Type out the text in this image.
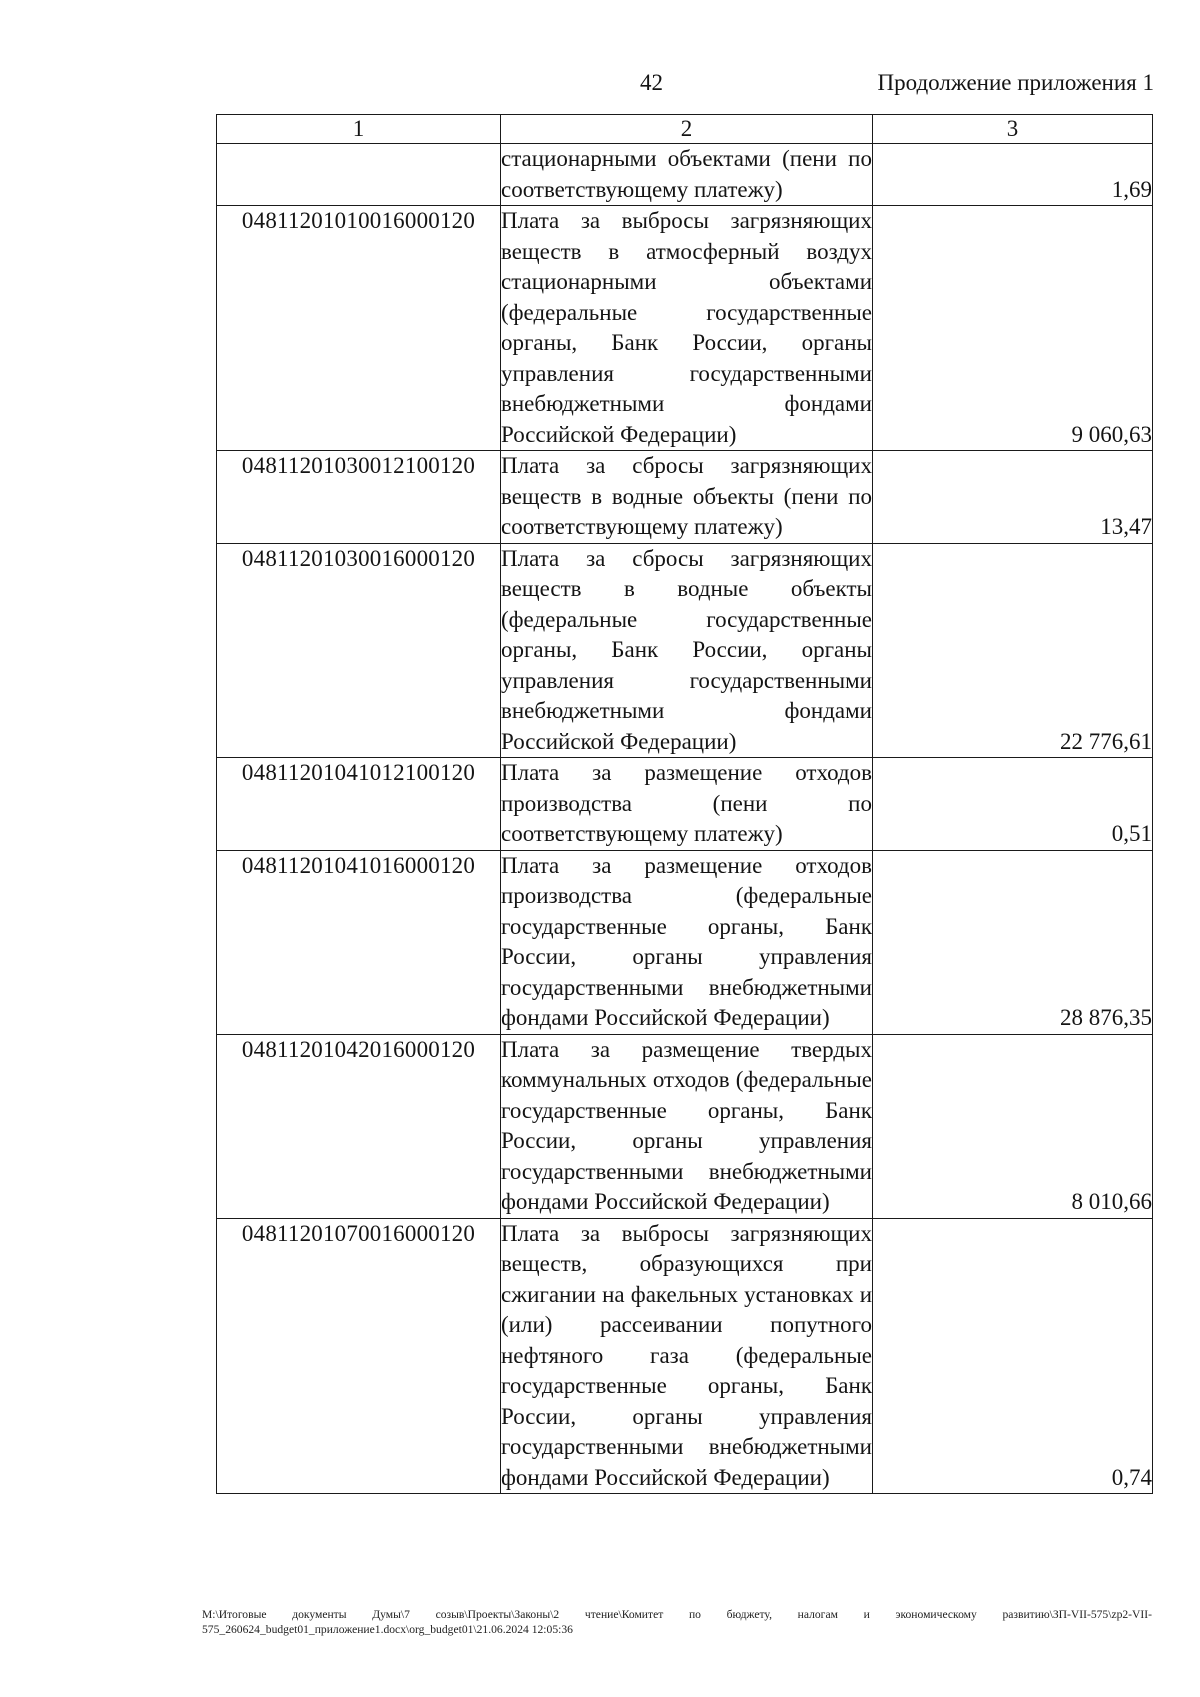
42	Продолжение приложения 1
1	2	3
	стационарными объектами (пени по соответствующему платежу)	1,69
04811201010016000120	Плата за выбросы загрязняющих веществ в атмосферный воздух стационарными объектами (федеральные государственные органы, Банк России, органы управления государственными внебюджетными фондами Российской Федерации)	9 060,63
04811201030012100120	Плата за сбросы загрязняющих веществ в водные объекты (пени по соответствующему платежу)	13,47
04811201030016000120	Плата за сбросы загрязняющих веществ в водные объекты (федеральные государственные органы, Банк России, органы управления государственными внебюджетными фондами Российской Федерации)	22 776,61
04811201041012100120	Плата за размещение отходов производства (пени по соответствующему платежу)	0,51
04811201041016000120	Плата за размещение отходов производства (федеральные государственные органы, Банк России, органы управления государственными внебюджетными фондами Российской Федерации)	28 876,35
04811201042016000120	Плата за размещение твердых коммунальных отходов (федеральные государственные органы, Банк России, органы управления государственными внебюджетными фондами Российской Федерации)	8 010,66
04811201070016000120	Плата за выбросы загрязняющих веществ, образующихся при сжигании на факельных установках и (или) рассеивании попутного нефтяного газа (федеральные государственные органы, Банк России, органы управления государственными внебюджетными фондами Российской Федерации)	0,74
M:\Итоговые документы Думы\7 созыв\Проекты\Законы\2 чтение\Комитет по бюджету, налогам и экономическому развитию\ЗП-VII-575\zp2-VII-575_260624_budget01_приложение1.docx\org_budget01\21.06.2024 12:05:36
